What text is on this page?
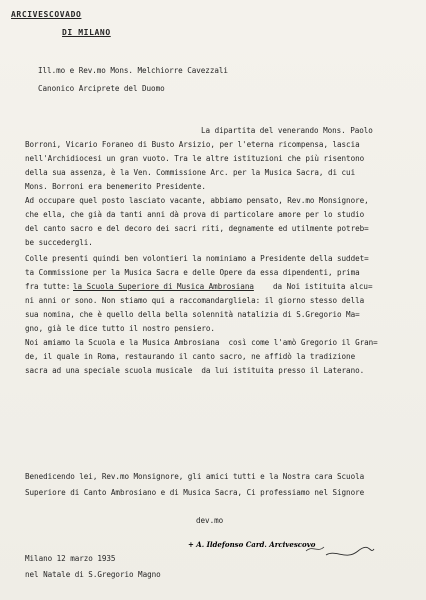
ARCIVESCOVADO
DI MILANO
Ill.mo e Rev.mo Mons. Melchiorre Cavezzali
Canonico Arciprete del Duomo
La dipartita del venerando Mons. Paolo
Borroni, Vicario Foraneo di Busto Arsizio, per l'eterna ricompensa, lascia
nell'Archidiocesi un gran vuoto. Tra le altre istituzioni che più risentono
della sua assenza, è la Ven. Commissione Arc. per la Musica Sacra, di cui
Mons. Borroni era benemerito Presidente.
Ad occupare quel posto lasciato vacante, abbiamo pensato, Rev.mo Monsignore,
che ella, che già da tanti anni dà prova di particolare amore per lo studio
del canto sacro e del decoro dei sacri riti, degnamente ed utilmente potreb=
be succedergli.
Colle presenti quindi ben volontieri la nominiamo a Presidente della suddet=
ta Commissione per la Musica Sacra e delle Opere da essa dipendenti, prima
fra tutte: la Scuola Superiore di Musica Ambrosiana	da Noi istituita alcu=
ni anni or sono. Non stiamo qui a raccomandargliela: il giorno stesso della
sua nomina, che è quello della bella solennità natalizia di S.Gregorio Ma=
gno, già le dice tutto il nostro pensiero.
Noi amiamo la Scuola e la Musica Ambrosiana  così come l'amò Gregorio il Gran=
de, il quale in Roma, restaurando il canto sacro, ne affidò la tradizione
sacra ad una speciale scuola musicale  da lui istituita presso il Laterano.
Benedicendo lei, Rev.mo Monsignore, gli amici tutti e la Nostra cara Scuola
Superiore di Canto Ambrosiano e di Musica Sacra, Ci professiamo nel Signore
dev.mo
+ A. Ildefonso Card. Arcivescovo
Milano 12 marzo 1935
nel Natale di S.Gregorio Magno
